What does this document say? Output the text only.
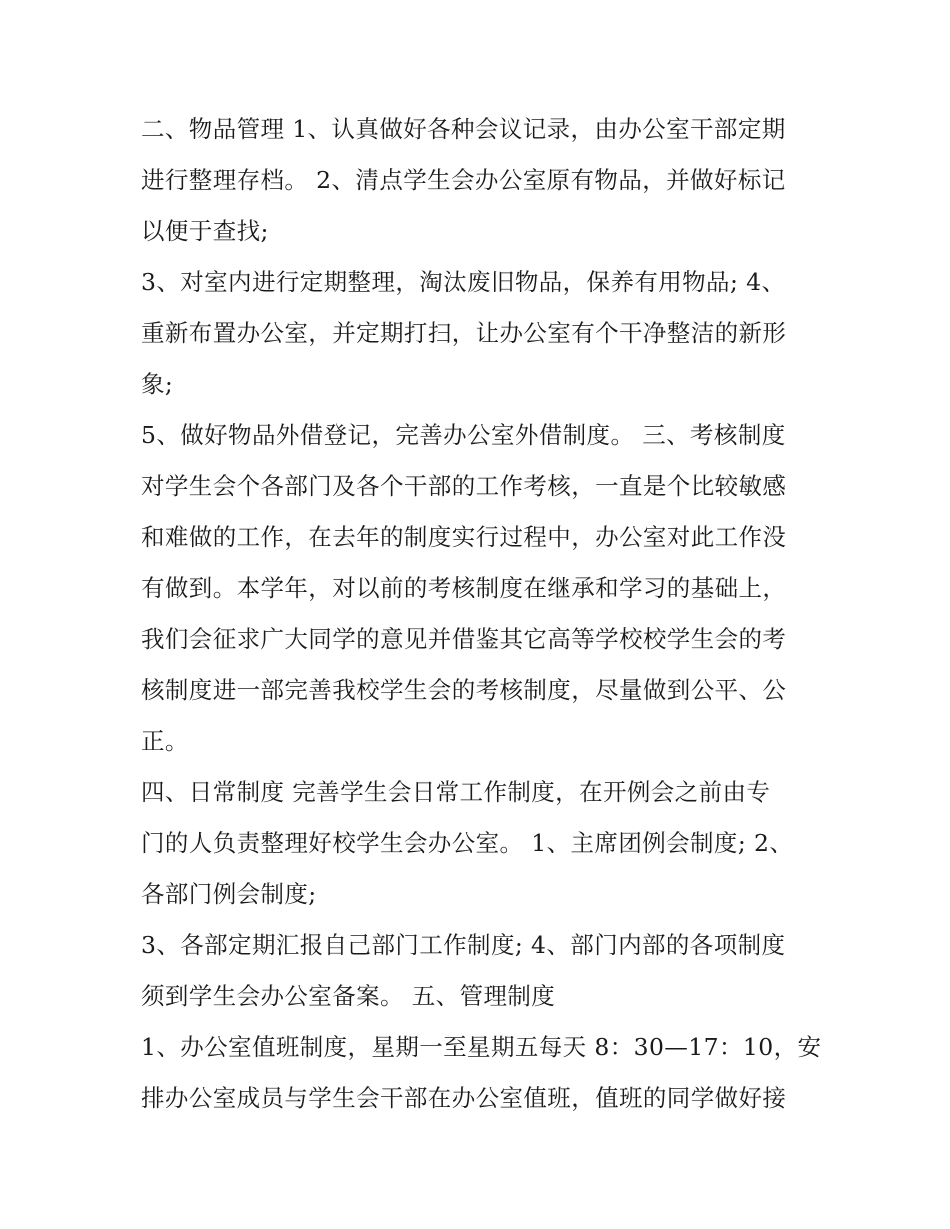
二、物品管理 1、认真做好各种会议记录，由办公室干部定期
进行整理存档。 2、清点学生会办公室原有物品，并做好标记
以便于查找;
3、对室内进行定期整理，淘汰废旧物品，保养有用物品; 4、
重新布置办公室，并定期打扫，让办公室有个干净整洁的新形
象;
5、做好物品外借登记，完善办公室外借制度。 三、考核制度
对学生会个各部门及各个干部的工作考核，一直是个比较敏感
和难做的工作，在去年的制度实行过程中，办公室对此工作没
有做到。本学年，对以前的考核制度在继承和学习的基础上，
我们会征求广大同学的意见并借鉴其它高等学校校学生会的考
核制度进一部完善我校学生会的考核制度，尽量做到公平、公
正。
四、日常制度 完善学生会日常工作制度，在开例会之前由专
门的人负责整理好校学生会办公室。 1、主席团例会制度; 2、
各部门例会制度;
3、各部定期汇报自己部门工作制度; 4、部门内部的各项制度
须到学生会办公室备案。 五、管理制度
1、办公室值班制度，星期一至星期五每天 8：30—17：10，安
排办公室成员与学生会干部在办公室值班，值班的同学做好接
